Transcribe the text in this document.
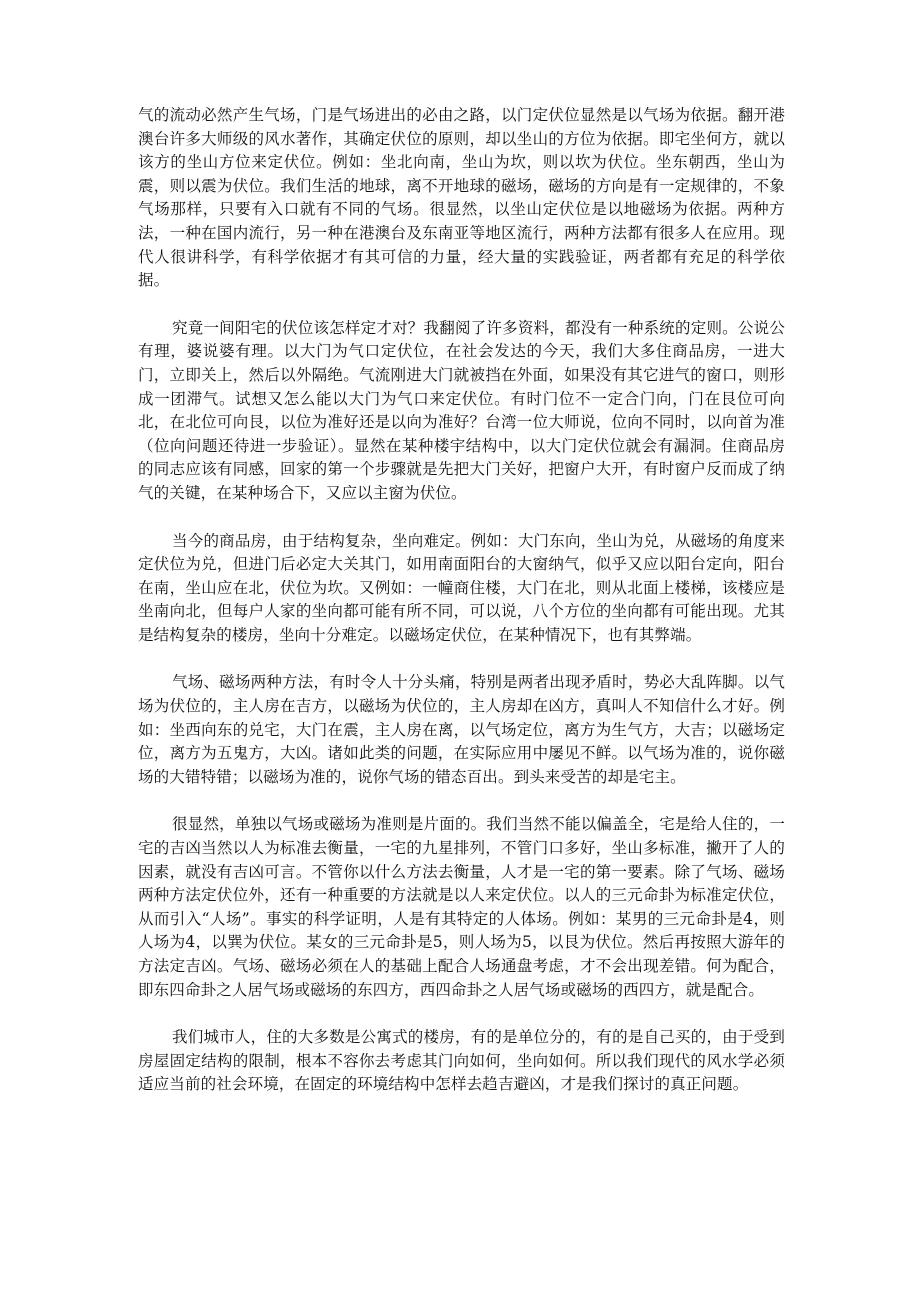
气的流动必然产生气场，门是气场进出的必由之路，以门定伏位显然是以气场为依据。翻开港澳台许多大师级的风水著作，其确定伏位的原则，却以坐山的方位为依据。即宅坐何方，就以该方的坐山方位来定伏位。例如：坐北向南，坐山为坎，则以坎为伏位。坐东朝西，坐山为震，则以震为伏位。我们生活的地球，离不开地球的磁场，磁场的方向是有一定规律的，不象气场那样，只要有入口就有不同的气场。很显然，以坐山定伏位是以地磁场为依据。两种方法，一种在国内流行，另一种在港澳台及东南亚等地区流行，两种方法都有很多人在应用。现代人很讲科学，有科学依据才有其可信的力量，经大量的实践验证，两者都有充足的科学依据。

究竟一间阳宅的伏位该怎样定才对？我翻阅了许多资料，都没有一种系统的定则。公说公有理，婆说婆有理。以大门为气口定伏位，在社会发达的今天，我们大多住商品房，一进大门，立即关上，然后以外隔绝。气流刚进大门就被挡在外面，如果没有其它进气的窗口，则形成一团滞气。试想又怎么能以大门为气口来定伏位。有时门位不一定合门向，门在艮位可向北，在北位可向艮，以位为准好还是以向为准好？台湾一位大师说，位向不同时，以向首为准（位向问题还待进一步验证）。显然在某种楼宇结构中，以大门定伏位就会有漏洞。住商品房的同志应该有同感，回家的第一个步骤就是先把大门关好，把窗户大开，有时窗户反而成了纳气的关键，在某种场合下，又应以主窗为伏位。

当今的商品房，由于结构复杂，坐向难定。例如：大门东向，坐山为兑，从磁场的角度来定伏位为兑，但进门后必定大关其门，如用南面阳台的大窗纳气，似乎又应以阳台定向，阳台在南，坐山应在北，伏位为坎。又例如：一幢商住楼，大门在北，则从北面上楼梯，该楼应是坐南向北，但每户人家的坐向都可能有所不同，可以说，八个方位的坐向都有可能出现。尤其是结构复杂的楼房，坐向十分难定。以磁场定伏位，在某种情况下，也有其弊端。

气场、磁场两种方法，有时令人十分头痛，特别是两者出现矛盾时，势必大乱阵脚。以气场为伏位的，主人房在吉方，以磁场为伏位的，主人房却在凶方，真叫人不知信什么才好。例如：坐西向东的兑宅，大门在震，主人房在离，以气场定位，离方为生气方，大吉；以磁场定位，离方为五鬼方，大凶。诸如此类的问题，在实际应用中屡见不鲜。以气场为准的，说你磁场的大错特错；以磁场为准的，说你气场的错态百出。到头来受苦的却是宅主。

很显然，单独以气场或磁场为准则是片面的。我们当然不能以偏盖全，宅是给人住的，一宅的吉凶当然以人为标准去衡量，一宅的九星排列，不管门口多好，坐山多标准，撇开了人的因素，就没有吉凶可言。不管你以什么方法去衡量，人才是一宅的第一要素。除了气场、磁场两种方法定伏位外，还有一种重要的方法就是以人来定伏位。以人的三元命卦为标准定伏位，从而引入“人场”。事实的科学证明，人是有其特定的人体场。例如：某男的三元命卦是4，则人场为4，以巽为伏位。某女的三元命卦是5，则人场为5，以艮为伏位。然后再按照大游年的方法定吉凶。气场、磁场必须在人的基础上配合人场通盘考虑，才不会出现差错。何为配合，即东四命卦之人居气场或磁场的东四方，西四命卦之人居气场或磁场的西四方，就是配合。

我们城市人，住的大多数是公寓式的楼房，有的是单位分的，有的是自己买的，由于受到房屋固定结构的限制，根本不容你去考虑其门向如何，坐向如何。所以我们现代的风水学必须适应当前的社会环境，在固定的环境结构中怎样去趋吉避凶，才是我们探讨的真正问题。
